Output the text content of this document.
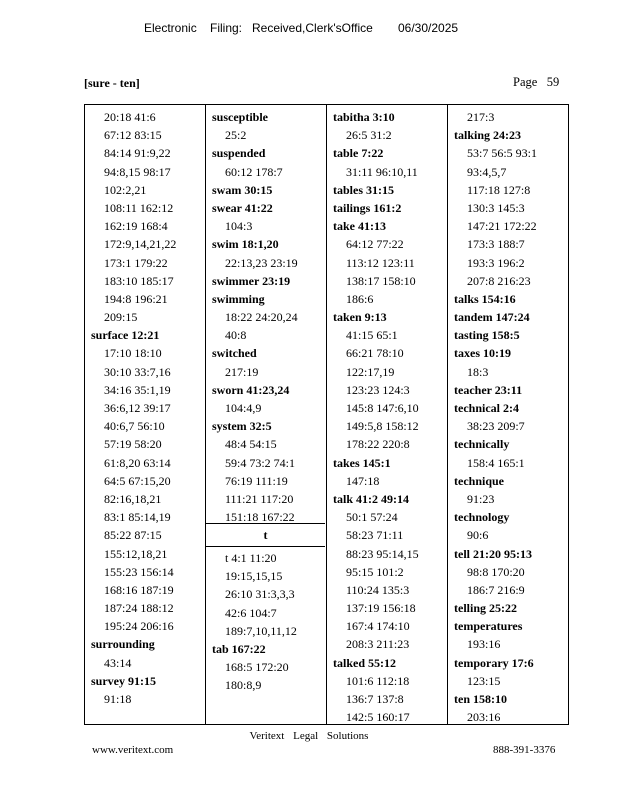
Electronic Filing: Received,Clerk'sOffice 06/30/2025
[sure - ten]	Page 59
20:18 41:6
67:12 83:15
84:14 91:9,22
94:8,15 98:17
102:2,21
108:11 162:12
162:19 168:4
172:9,14,21,22
173:1 179:22
183:10 185:17
194:8 196:21
209:15
surface 12:21
17:10 18:10
30:10 33:7,16
34:16 35:1,19
36:6,12 39:17
40:6,7 56:10
57:19 58:20
61:8,20 63:14
64:5 67:15,20
82:16,18,21
83:1 85:14,19
85:22 87:15
155:12,18,21
155:23 156:14
168:16 187:19
187:24 188:12
195:24 206:16
surrounding
43:14
survey 91:15
91:18
susceptible
25:2
suspended
60:12 178:7
swam 30:15
swear 41:22
104:3
swim 18:1,20
22:13,23 23:19
swimmer 23:19
swimming
18:22 24:20,24
40:8
switched
217:19
sworn 41:23,24
104:4,9
system 32:5
48:4 54:15
59:4 73:2 74:1
76:19 111:19
111:21 117:20
151:18 167:22
t
t 4:1 11:20
19:15,15,15
26:10 31:3,3,3
42:6 104:7
189:7,10,11,12
tab 167:22
168:5 172:20
180:8,9
tabitha 3:10
26:5 31:2
table 7:22
31:11 96:10,11
tables 31:15
tailings 161:2
take 41:13
64:12 77:22
113:12 123:11
138:17 158:10
186:6
taken 9:13
41:15 65:1
66:21 78:10
122:17,19
123:23 124:3
145:8 147:6,10
149:5,8 158:12
178:22 220:8
takes 145:1
147:18
talk 41:2 49:14
50:1 57:24
58:23 71:11
88:23 95:14,15
95:15 101:2
110:24 135:3
137:19 156:18
167:4 174:10
208:3 211:23
talked 55:12
101:6 112:18
136:7 137:8
142:5 160:17
217:3
talking 24:23
53:7 56:5 93:1
93:4,5,7
117:18 127:8
130:3 145:3
147:21 172:22
173:3 188:7
193:3 196:2
207:8 216:23
talks 154:16
tandem 147:24
tasting 158:5
taxes 10:19
18:3
teacher 23:11
technical 2:4
38:23 209:7
technically
158:4 165:1
technique
91:23
technology
90:6
tell 21:20 95:13
98:8 170:20
186:7 216:9
telling 25:22
temperatures
193:16
temporary 17:6
123:15
ten 158:10
203:16
Veritext Legal Solutions
www.veritext.com	888-391-3376
